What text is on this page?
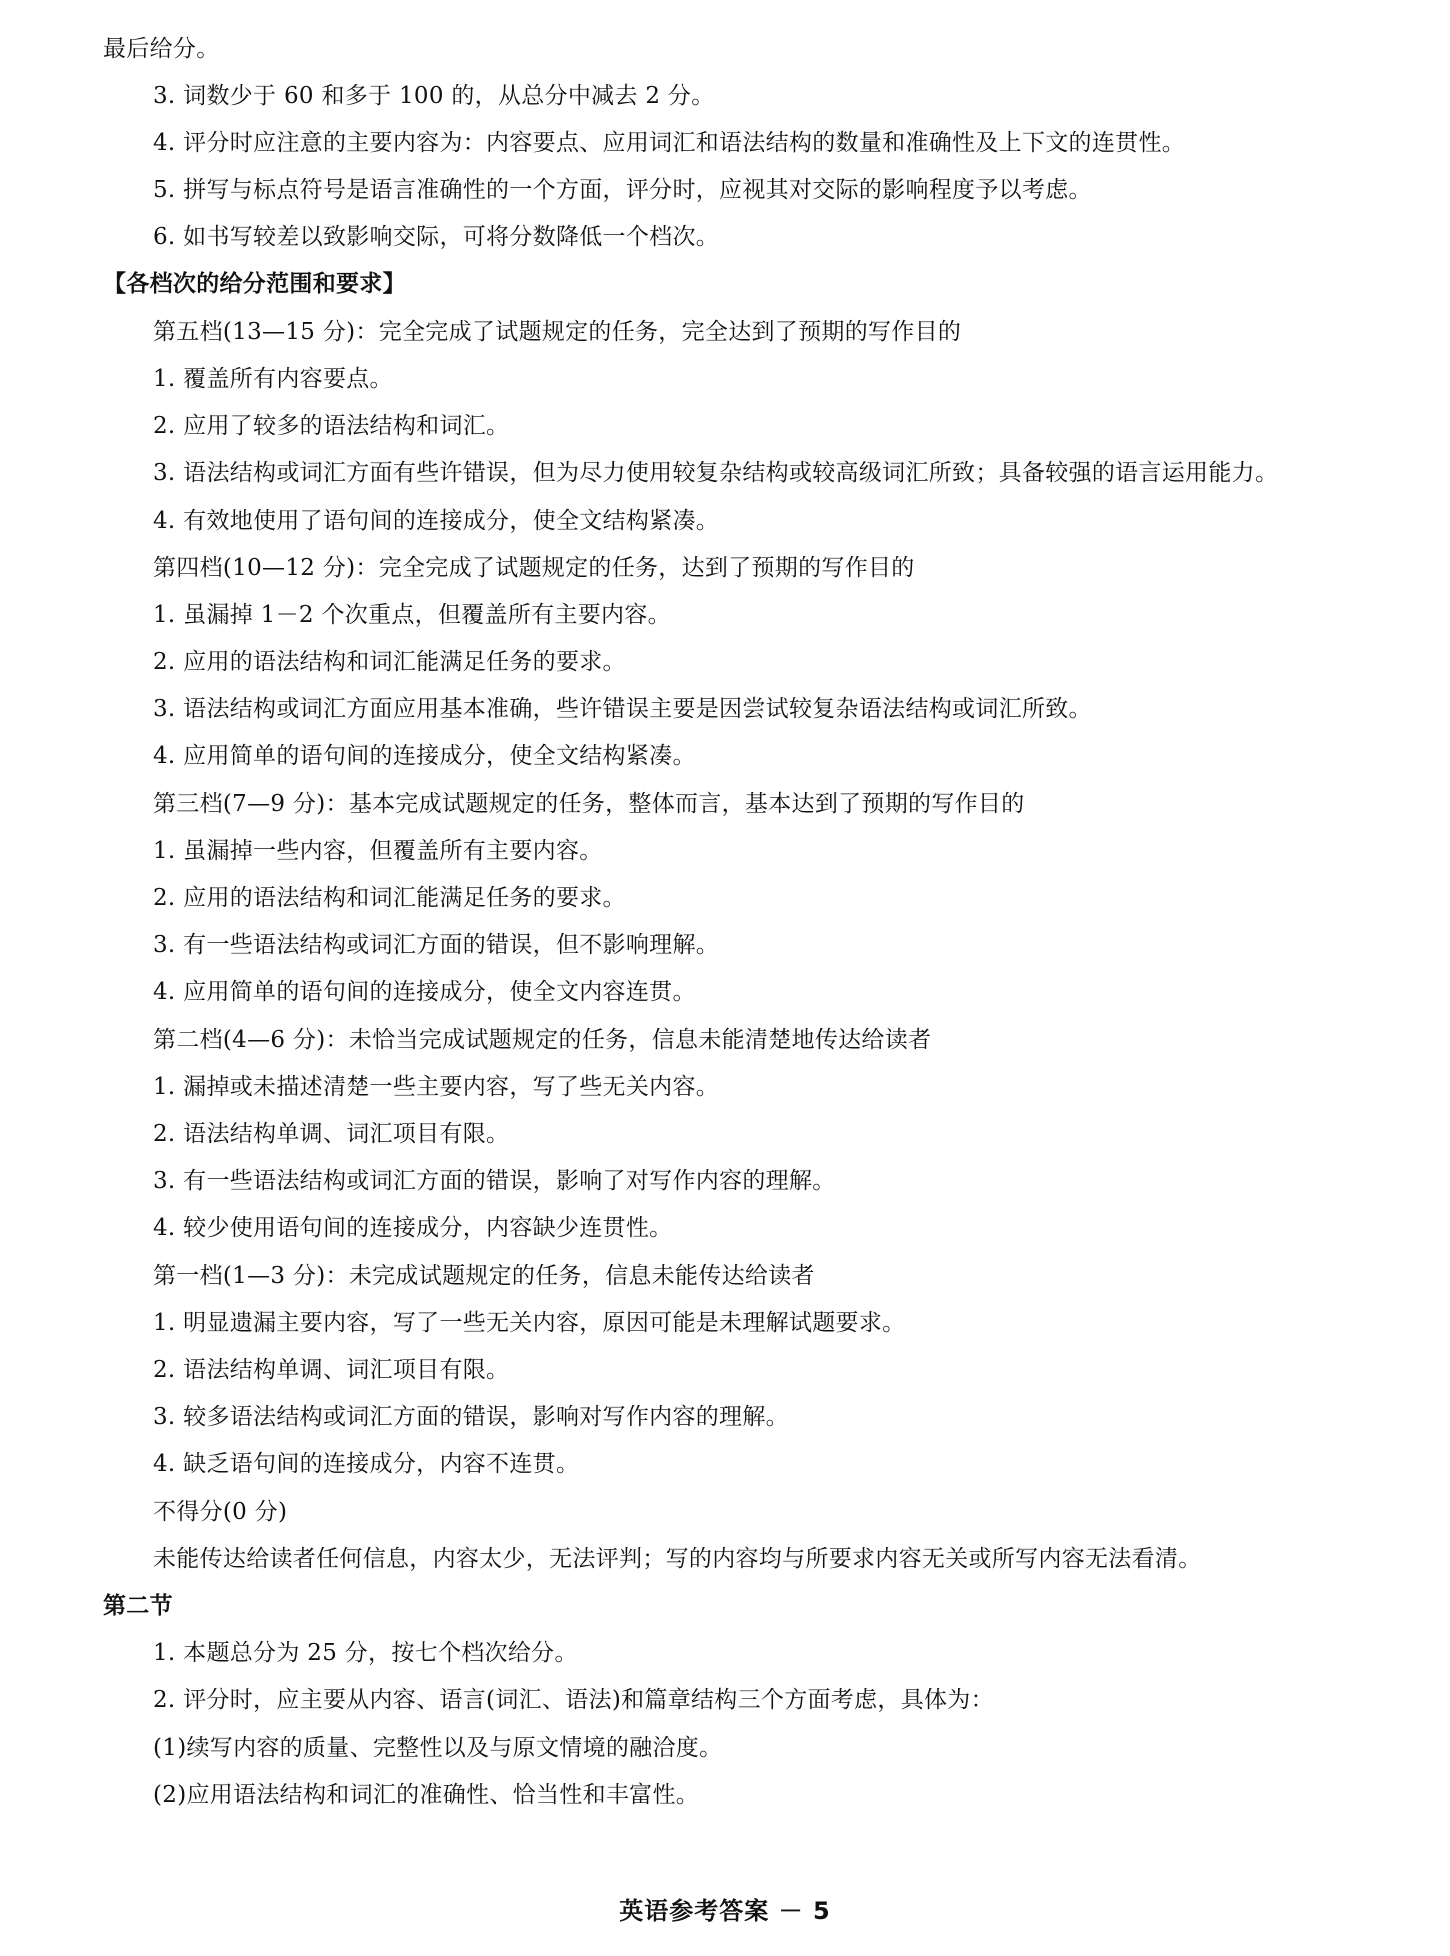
最后给分。
3. 词数少于 60 和多于 100 的，从总分中减去 2 分。
4. 评分时应注意的主要内容为：内容要点、应用词汇和语法结构的数量和准确性及上下文的连贯性。
5. 拼写与标点符号是语言准确性的一个方面，评分时，应视其对交际的影响程度予以考虑。
6. 如书写较差以致影响交际，可将分数降低一个档次。
【各档次的给分范围和要求】
第五档(13—15 分)：完全完成了试题规定的任务，完全达到了预期的写作目的
1. 覆盖所有内容要点。
2. 应用了较多的语法结构和词汇。
3. 语法结构或词汇方面有些许错误，但为尽力使用较复杂结构或较高级词汇所致；具备较强的语言运用能力。
4. 有效地使用了语句间的连接成分，使全文结构紧凑。
第四档(10—12 分)：完全完成了试题规定的任务，达到了预期的写作目的
1. 虽漏掉 1－2 个次重点，但覆盖所有主要内容。
2. 应用的语法结构和词汇能满足任务的要求。
3. 语法结构或词汇方面应用基本准确，些许错误主要是因尝试较复杂语法结构或词汇所致。
4. 应用简单的语句间的连接成分，使全文结构紧凑。
第三档(7—9 分)：基本完成试题规定的任务，整体而言，基本达到了预期的写作目的
1. 虽漏掉一些内容，但覆盖所有主要内容。
2. 应用的语法结构和词汇能满足任务的要求。
3. 有一些语法结构或词汇方面的错误，但不影响理解。
4. 应用简单的语句间的连接成分，使全文内容连贯。
第二档(4—6 分)：未恰当完成试题规定的任务，信息未能清楚地传达给读者
1. 漏掉或未描述清楚一些主要内容，写了些无关内容。
2. 语法结构单调、词汇项目有限。
3. 有一些语法结构或词汇方面的错误，影响了对写作内容的理解。
4. 较少使用语句间的连接成分，内容缺少连贯性。
第一档(1—3 分)：未完成试题规定的任务，信息未能传达给读者
1. 明显遗漏主要内容，写了一些无关内容，原因可能是未理解试题要求。
2. 语法结构单调、词汇项目有限。
3. 较多语法结构或词汇方面的错误，影响对写作内容的理解。
4. 缺乏语句间的连接成分，内容不连贯。
不得分(0 分)
未能传达给读者任何信息，内容太少，无法评判；写的内容均与所要求内容无关或所写内容无法看清。
第二节
1. 本题总分为 25 分，按七个档次给分。
2. 评分时，应主要从内容、语言(词汇、语法)和篇章结构三个方面考虑，具体为：
(1)续写内容的质量、完整性以及与原文情境的融洽度。
(2)应用语法结构和词汇的准确性、恰当性和丰富性。
英语参考答案 － 5
